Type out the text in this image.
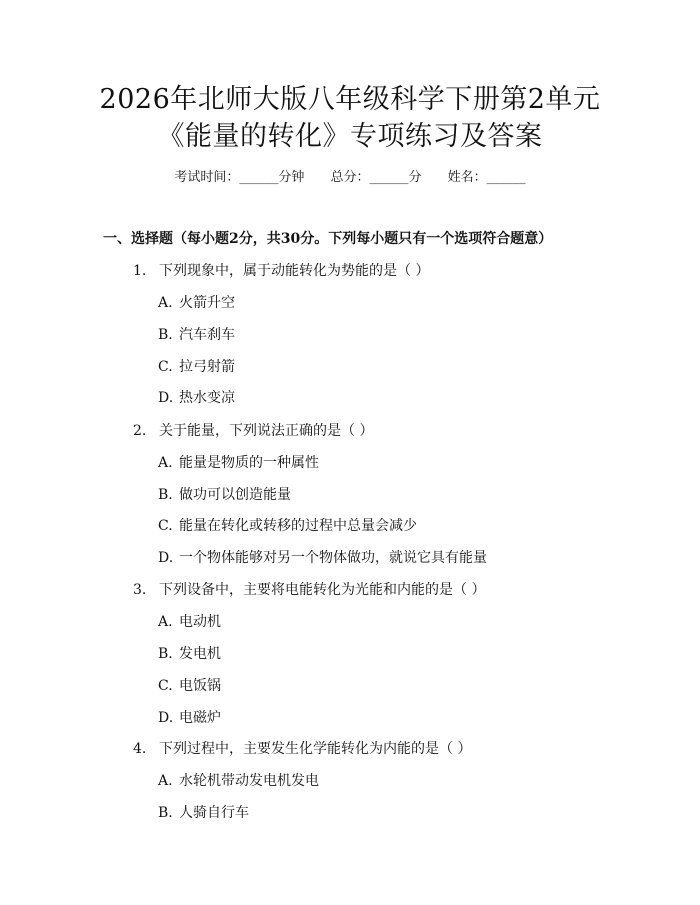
2026年北师大版八年级科学下册第2单元
《能量的转化》专项练习及答案
考试时间：______分钟 总分：______分 姓名：______
一、选择题（每小题2分，共30分。下列每小题只有一个选项符合题意）
1. 下列现象中，属于动能转化为势能的是（ ）
A. 火箭升空
B. 汽车刹车
C. 拉弓射箭
D. 热水变凉
2. 关于能量，下列说法正确的是（ ）
A. 能量是物质的一种属性
B. 做功可以创造能量
C. 能量在转化或转移的过程中总量会减少
D. 一个物体能够对另一个物体做功，就说它具有能量
3. 下列设备中，主要将电能转化为光能和内能的是（ ）
A. 电动机
B. 发电机
C. 电饭锅
D. 电磁炉
4. 下列过程中，主要发生化学能转化为内能的是（ ）
A. 水轮机带动发电机发电
B. 人骑自行车
